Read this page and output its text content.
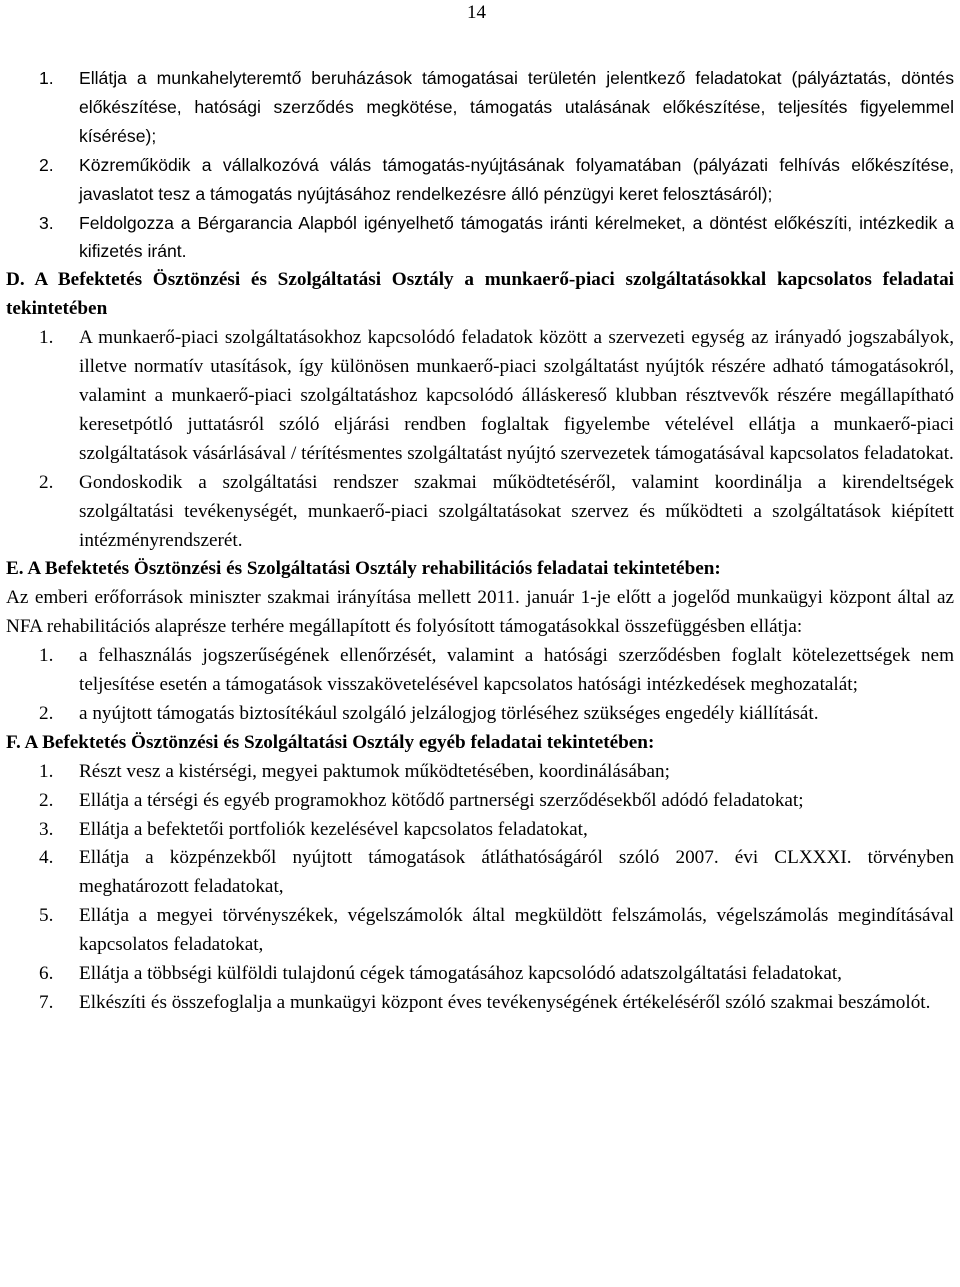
14
1. Ellátja a munkahelyteremtő beruházások támogatásai területén jelentkező feladatokat (pályáztatás, döntés előkészítése, hatósági szerződés megkötése, támogatás utalásának előkészítése, teljesítés figyelemmel kísérése);
2. Közreműködik a vállalkozóvá válás támogatás-nyújtásának folyamatában (pályázati felhívás előkészítése, javaslatot tesz a támogatás nyújtásához rendelkezésre álló pénzügyi keret felosztásáról);
3. Feldolgozza a Bérgarancia Alapból igényelhető támogatás iránti kérelmeket, a döntést előkészíti, intézkedik a kifizetés iránt.
D. A Befektetés Ösztönzési és Szolgáltatási Osztály a munkaerő-piaci szolgáltatásokkal kapcsolatos feladatai tekintetében
1. A munkaerő-piaci szolgáltatásokhoz kapcsolódó feladatok között a szervezeti egység az irányadó jogszabályok, illetve normatív utasítások, így különösen munkaerő-piaci szolgáltatást nyújtók részére adható támogatásokról, valamint a munkaerő-piaci szolgáltatáshoz kapcsolódó álláskereső klubban résztvevők részére megállapítható keresetpótló juttatásról szóló eljárási rendben foglaltak figyelembe vételével ellátja a munkaerő-piaci szolgáltatások vásárlásával / térítésmentes szolgáltatást nyújtó szervezetek támogatásával kapcsolatos feladatokat.
2. Gondoskodik a szolgáltatási rendszer szakmai működtetéséről, valamint koordinálja a kirendeltségek szolgáltatási tevékenységét, munkaerő-piaci szolgáltatásokat szervez és működteti a szolgáltatások kiépített intézményrendszerét.
E. A Befektetés Ösztönzési és Szolgáltatási Osztály rehabilitációs feladatai tekintetében:
Az emberi erőforrások miniszter szakmai irányítása mellett 2011. január 1-je előtt a jogelőd munkaügyi központ által az NFA rehabilitációs alaprésze terhére megállapított és folyósított támogatásokkal összefüggésben ellátja:
1. a felhasználás jogszerűségének ellenőrzését, valamint a hatósági szerződésben foglalt kötelezettségek nem teljesítése esetén a támogatások visszakövetelésével kapcsolatos hatósági intézkedések meghozatalát;
2. a nyújtott támogatás biztosítékául szolgáló jelzálogjog törléséhez szükséges engedély kiállítását.
F. A Befektetés Ösztönzési és Szolgáltatási Osztály egyéb feladatai tekintetében:
1. Részt vesz a kistérségi, megyei paktumok működtetésében, koordinálásában;
2. Ellátja a térségi és egyéb programokhoz kötődő partnerségi szerződésekből adódó feladatokat;
3. Ellátja a befektetői portfoliók kezelésével kapcsolatos feladatokat,
4. Ellátja a közpénzekből nyújtott támogatások átláthatóságáról szóló 2007. évi CLXXXI. törvényben meghatározott feladatokat,
5. Ellátja a megyei törvényszékek, végelszámolók által megküldött felszámolás, végelszámolás megindításával kapcsolatos feladatokat,
6. Ellátja a többségi külföldi tulajdonú cégek támogatásához kapcsolódó adatszolgáltatási feladatokat,
7. Elkészíti és összefoglalja a munkaügyi központ éves tevékenységének értékeléséről szóló szakmai beszámolót.
